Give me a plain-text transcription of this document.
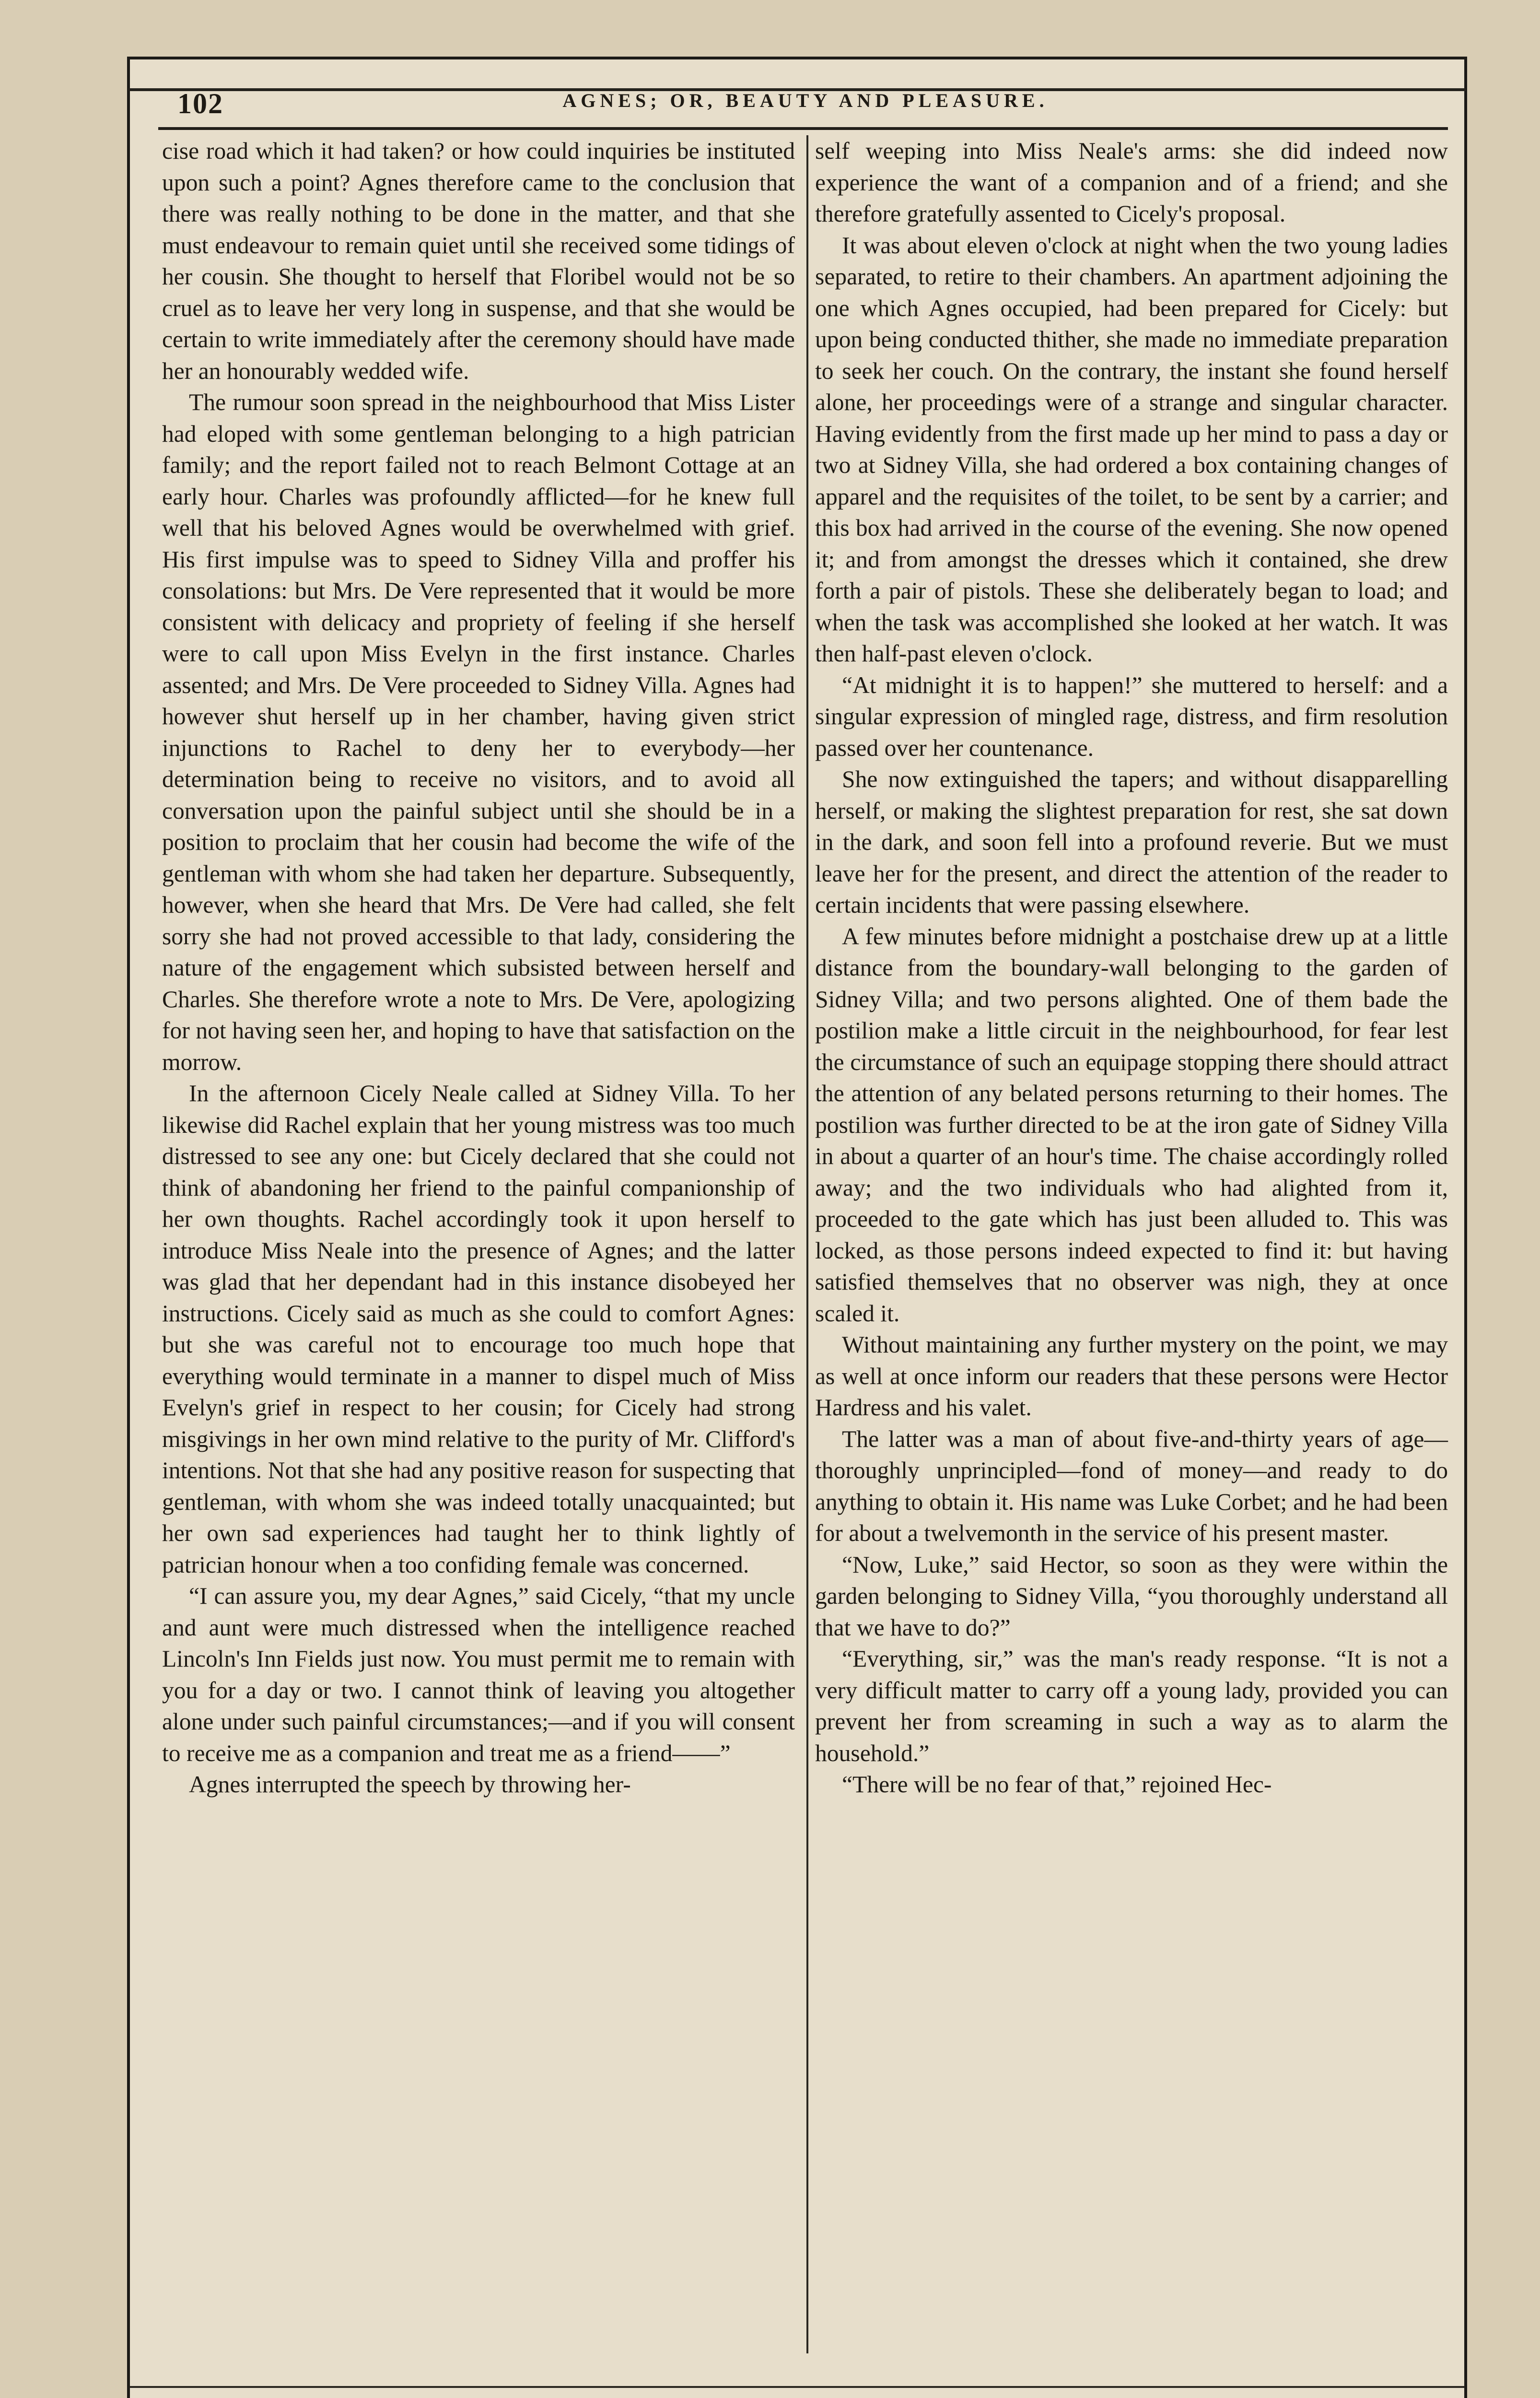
102	AGNES; OR, BEAUTY AND PLEASURE.

cise road which it had taken? or how could inquiries be instituted upon such a point? Agnes therefore came to the conclusion that there was really nothing to be done in the matter, and that she must endeavour to remain quiet until she received some tidings of her cousin. She thought to herself that Floribel would not be so cruel as to leave her very long in suspense, and that she would be certain to write immediately after the ceremony should have made her an honourably wedded wife.

The rumour soon spread in the neighbourhood that Miss Lister had eloped with some gentleman belonging to a high patrician family; and the report failed not to reach Belmont Cottage at an early hour. Charles was profoundly afflicted—for he knew full well that his beloved Agnes would be overwhelmed with grief. His first impulse was to speed to Sidney Villa and proffer his consolations: but Mrs. De Vere represented that it would be more consistent with delicacy and propriety of feeling if she herself were to call upon Miss Evelyn in the first instance. Charles assented; and Mrs. De Vere proceeded to Sidney Villa. Agnes had however shut herself up in her chamber, having given strict injunctions to Rachel to deny her to everybody—her determination being to receive no visitors, and to avoid all conversation upon the painful subject until she should be in a position to proclaim that her cousin had become the wife of the gentleman with whom she had taken her departure. Subsequently, however, when she heard that Mrs. De Vere had called, she felt sorry she had not proved accessible to that lady, considering the nature of the engagement which subsisted between herself and Charles. She therefore wrote a note to Mrs. De Vere, apologizing for not having seen her, and hoping to have that satisfaction on the morrow.

In the afternoon Cicely Neale called at Sidney Villa. To her likewise did Rachel explain that her young mistress was too much distressed to see any one: but Cicely declared that she could not think of abandoning her friend to the painful companionship of her own thoughts. Rachel accordingly took it upon herself to introduce Miss Neale into the presence of Agnes; and the latter was glad that her dependant had in this instance disobeyed her instructions. Cicely said as much as she could to comfort Agnes: but she was careful not to encourage too much hope that everything would terminate in a manner to dispel much of Miss Evelyn's grief in respect to her cousin; for Cicely had strong misgivings in her own mind relative to the purity of Mr. Clifford's intentions. Not that she had any positive reason for suspecting that gentleman, with whom she was indeed totally unacquainted; but her own sad experiences had taught her to think lightly of patrician honour when a too confiding female was concerned.

“I can assure you, my dear Agnes,” said Cicely, “that my uncle and aunt were much distressed when the intelligence reached Lincoln's Inn Fields just now. You must permit me to remain with you for a day or two. I cannot think of leaving you altogether alone under such painful circumstances;—and if you will consent to receive me as a companion and treat me as a friend——”

Agnes interrupted the speech by throwing her-

self weeping into Miss Neale's arms: she did indeed now experience the want of a companion and of a friend; and she therefore gratefully assented to Cicely's proposal.

It was about eleven o'clock at night when the two young ladies separated, to retire to their chambers. An apartment adjoining the one which Agnes occupied, had been prepared for Cicely: but upon being conducted thither, she made no immediate preparation to seek her couch. On the contrary, the instant she found herself alone, her proceedings were of a strange and singular character. Having evidently from the first made up her mind to pass a day or two at Sidney Villa, she had ordered a box containing changes of apparel and the requisites of the toilet, to be sent by a carrier; and this box had arrived in the course of the evening. She now opened it; and from amongst the dresses which it contained, she drew forth a pair of pistols. These she deliberately began to load; and when the task was accomplished she looked at her watch. It was then half-past eleven o'clock.

“At midnight it is to happen!” she muttered to herself: and a singular expression of mingled rage, distress, and firm resolution passed over her countenance.

She now extinguished the tapers; and without disapparelling herself, or making the slightest preparation for rest, she sat down in the dark, and soon fell into a profound reverie. But we must leave her for the present, and direct the attention of the reader to certain incidents that were passing elsewhere.

A few minutes before midnight a postchaise drew up at a little distance from the boundary-wall belonging to the garden of Sidney Villa; and two persons alighted. One of them bade the postilion make a little circuit in the neighbourhood, for fear lest the circumstance of such an equipage stopping there should attract the attention of any belated persons returning to their homes. The postilion was further directed to be at the iron gate of Sidney Villa in about a quarter of an hour's time. The chaise accordingly rolled away; and the two individuals who had alighted from it, proceeded to the gate which has just been alluded to. This was locked, as those persons indeed expected to find it: but having satisfied themselves that no observer was nigh, they at once scaled it.

Without maintaining any further mystery on the point, we may as well at once inform our readers that these persons were Hector Hardress and his valet.

The latter was a man of about five-and-thirty years of age—thoroughly unprincipled—fond of money—and ready to do anything to obtain it. His name was Luke Corbet; and he had been for about a twelvemonth in the service of his present master.

“Now, Luke,” said Hector, so soon as they were within the garden belonging to Sidney Villa, “you thoroughly understand all that we have to do?”

“Everything, sir,” was the man's ready response. “It is not a very difficult matter to carry off a young lady, provided you can prevent her from screaming in such a way as to alarm the household.”

“There will be no fear of that,” rejoined Hec-
